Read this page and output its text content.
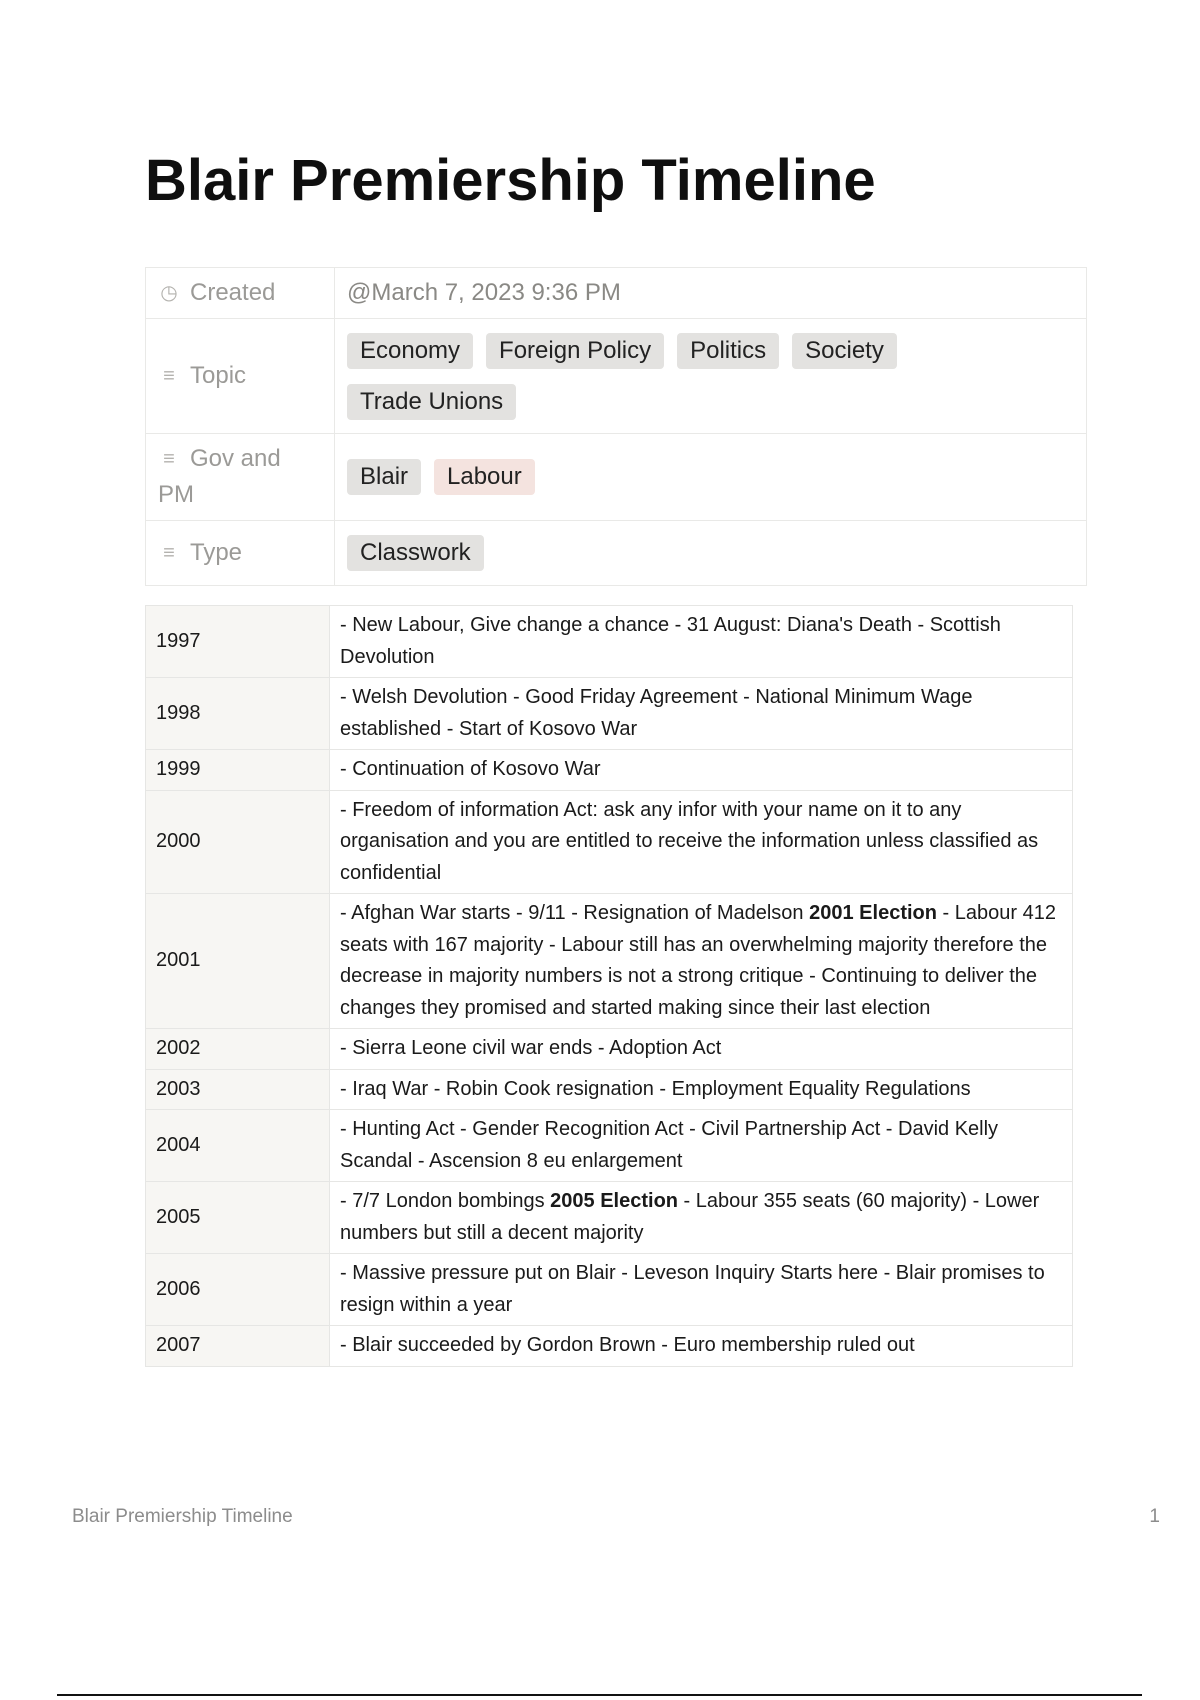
Blair Premiership Timeline
◷ Created	@March 7, 2023 9:36 PM
≡ Topic	Economy Foreign Policy Politics Society
Trade Unions

≡ Gov and PM	Blair Labour

≡ Type	Classwork
1997	- New Labour, Give change a chance - 31 August: Diana's Death - Scottish Devolution
1998	- Welsh Devolution - Good Friday Agreement - National Minimum Wage established - Start of Kosovo War
1999	- Continuation of Kosovo War
2000	- Freedom of information Act: ask any infor with your name on it to any organisation and you are entitled to receive the information unless classified as confidential
2001	- Afghan War starts - 9/11 - Resignation of Madelson 2001 Election - Labour 412 seats with 167 majority - Labour still has an overwhelming majority therefore the decrease in majority numbers is not a strong critique - Continuing to deliver the changes they promised and started making since their last election
2002	- Sierra Leone civil war ends - Adoption Act
2003	- Iraq War - Robin Cook resignation - Employment Equality Regulations
2004	- Hunting Act - Gender Recognition Act - Civil Partnership Act - David Kelly Scandal - Ascension 8 eu enlargement
2005	- 7/7 London bombings 2005 Election - Labour 355 seats (60 majority) - Lower numbers but still a decent majority
2006	- Massive pressure put on Blair - Leveson Inquiry Starts here - Blair promises to resign within a year
2007	- Blair succeeded by Gordon Brown - Euro membership ruled out
Blair Premiership Timeline	1
